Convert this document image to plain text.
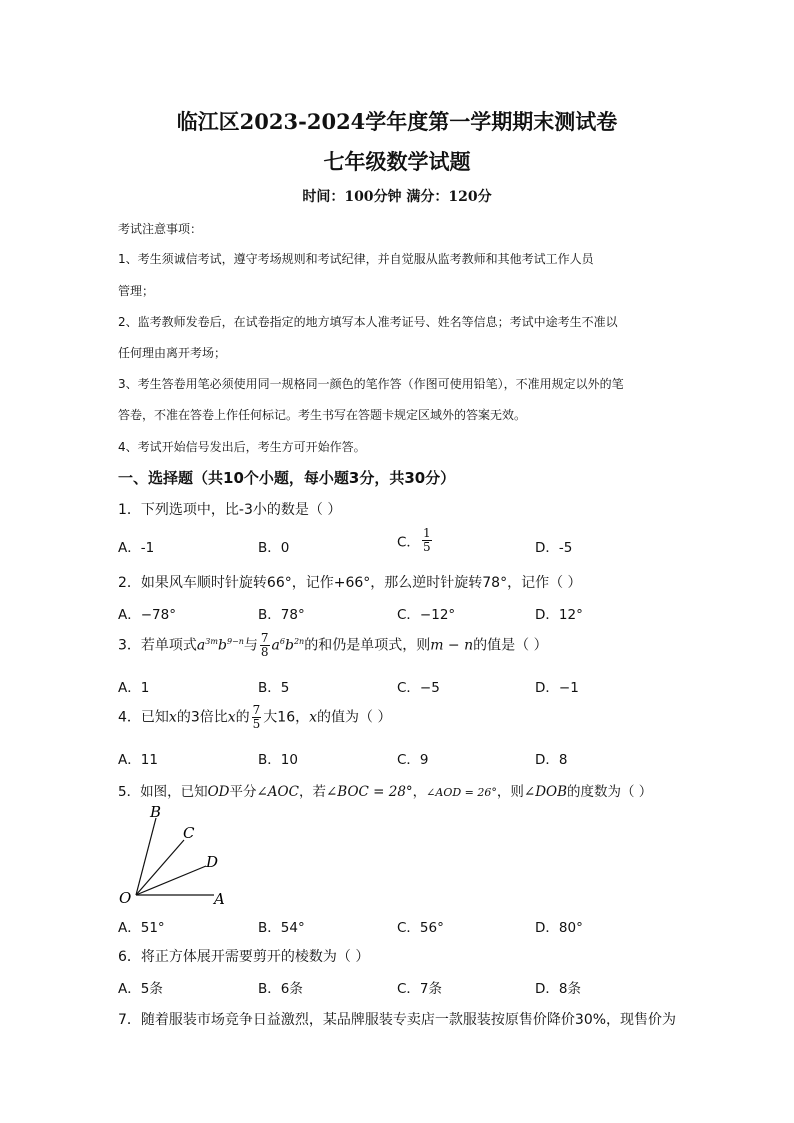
临江区2023-2024学年度第一学期期末测试卷
七年级数学试题
时间：100分钟 满分：120分
考试注意事项：
1、考生须诚信考试，遵守考场规则和考试纪律，并自觉服从监考教师和其他考试工作人员
管理；
2、监考教师发卷后，在试卷指定的地方填写本人准考证号、姓名等信息；考试中途考生不准以
任何理由离开考场；
3、考生答卷用笔必须使用同一规格同一颜色的笔作答（作图可使用铅笔），不准用规定以外的笔
答卷，不准在答卷上作任何标记。考生书写在答题卡规定区域外的答案无效。
4、考试开始信号发出后，考生方可开始作答。
一、选择题（共10个小题，每小题3分，共30分）
1．下列选项中，比-3小的数是（ ）
A．-1	B．0	C． $\frac{1}{5}$	D．-5
2．如果风车顺时针旋转66°，记作+66°，那么逆时针旋转78°，记作（ ）
A．−78°	B．78°	C．−12°	D．12°
3．若单项式$a^{3m}b^{9-n}$与 $\frac{7}{8} a^6b^{2n}$的和仍是单项式，则m − n的值是（ ）
A．1	B．5	C．−5	D．−1
4．已知x的3倍比x的 $\frac{7}{5}$ 大16，x的值为（ ）
A．11	B．10	C．9	D．8
5．如图，已知OD平分∠AOC，若∠BOC = 28°，∠AOD = 26°，则∠DOB的度数为（ ）
B
C
D
O	A
A．51°	B．54°	C．56°	D．80°
6．将正方体展开需要剪开的棱数为（ ）
A．5条	B．6条	C．7条	D．8条
7．随着服装市场竞争日益激烈，某品牌服装专卖店一款服装按原售价降价30%，现售价为
